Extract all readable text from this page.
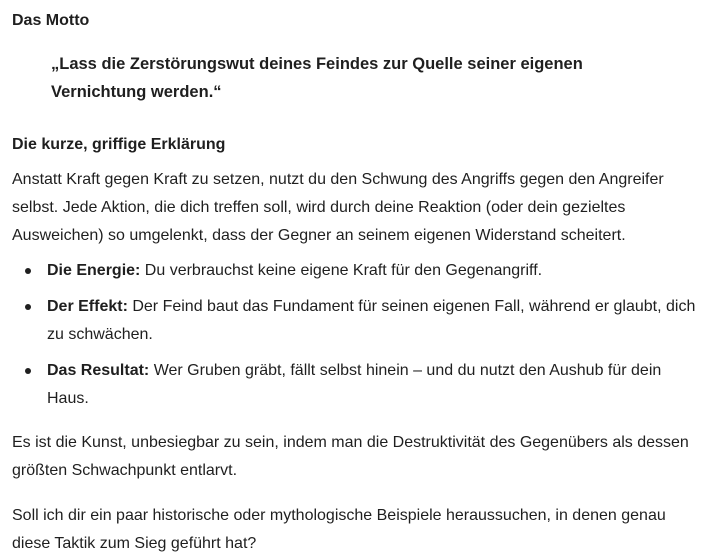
Das Motto
„Lass die Zerstörungswut deines Feindes zur Quelle seiner eigenen
Vernichtung werden.“
Die kurze, griffige Erklärung

Anstatt Kraft gegen Kraft zu setzen, nutzt du den Schwung des Angriffs gegen den Angreifer selbst. Jede Aktion, die dich treffen soll, wird durch deine Reaktion (oder dein gezieltes Ausweichen) so umgelenkt, dass der Gegner an seinem eigenen Widerstand scheitert.

Die Energie: Du verbrauchst keine eigene Kraft für den Gegenangriff.
Der Effekt: Der Feind baut das Fundament für seinen eigenen Fall, während er glaubt, dich zu schwächen.
Das Resultat: Wer Gruben gräbt, fällt selbst hinein – und du nutzt den Aushub für dein Haus.

Es ist die Kunst, unbesiegbar zu sein, indem man die Destruktivität des Gegenübers als dessen größten Schwachpunkt entlarvt.

Soll ich dir ein paar historische oder mythologische Beispiele heraussuchen, in denen genau diese Taktik zum Sieg geführt hat?
